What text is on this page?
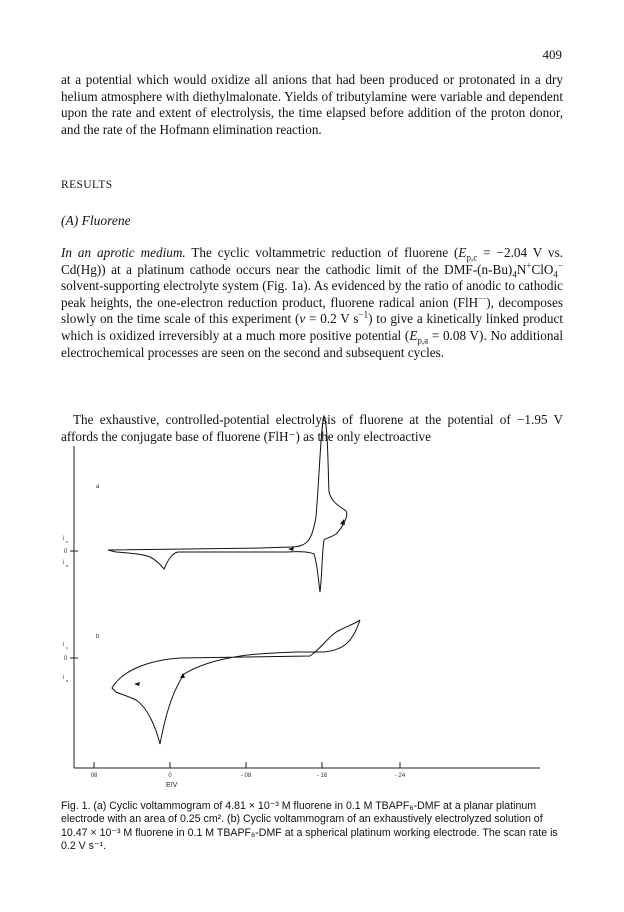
409

at a potential which would oxidize all anions that had been produced or protonated in a dry helium atmosphere with diethylmalonate. Yields of tributylamine were variable and dependent upon the rate and extent of electrolysis, the time elapsed before addition of the proton donor, and the rate of the Hofmann elimination reaction.

RESULTS
(A) Fluorene

In an aprotic medium. The cyclic voltammetric reduction of fluorene ($E_{p,c} = -2.04$ V vs. Cd(Hg)) at a platinum cathode occurs near the cathodic limit of the DMF-$(n-Bu)_4N^+ClO_4^-$ solvent-supporting electrolyte system (Fig. 1a). As evidenced by the ratio of anodic to cathodic peak heights, the one-electron reduction product, fluorene radical anion (FlH−·), decomposes slowly on the time scale of this experiment (v = 0.2 V $s^{-1}$) to give a kinetically linked product which is oxidized irreversibly at a much more positive potential ($E_{p,a} = 0.08$ V). No additional electrochemical processes are seen on the second and subsequent cycles.

The exhaustive, controlled-potential electrolysis of fluorene at the potential of −1.95 V affords the conjugate base of fluorene (FlH⁻) as the only electroactive

08	0	- 08	- 16	- 24
E/V
a
i c
0
i a
b
i c
0
i a

Fig. 1. (a) Cyclic voltammogram of 4.81 × 10⁻³ M fluorene in 0.1 M TBAPF₆-DMF at a planar platinum electrode with an area of 0.25 cm². (b) Cyclic voltammogram of an exhaustively electrolyzed solution of 10.47 × 10⁻³ M fluorene in 0.1 M TBAPF₆-DMF at a spherical platinum working electrode. The scan rate is 0.2 V s⁻¹.
